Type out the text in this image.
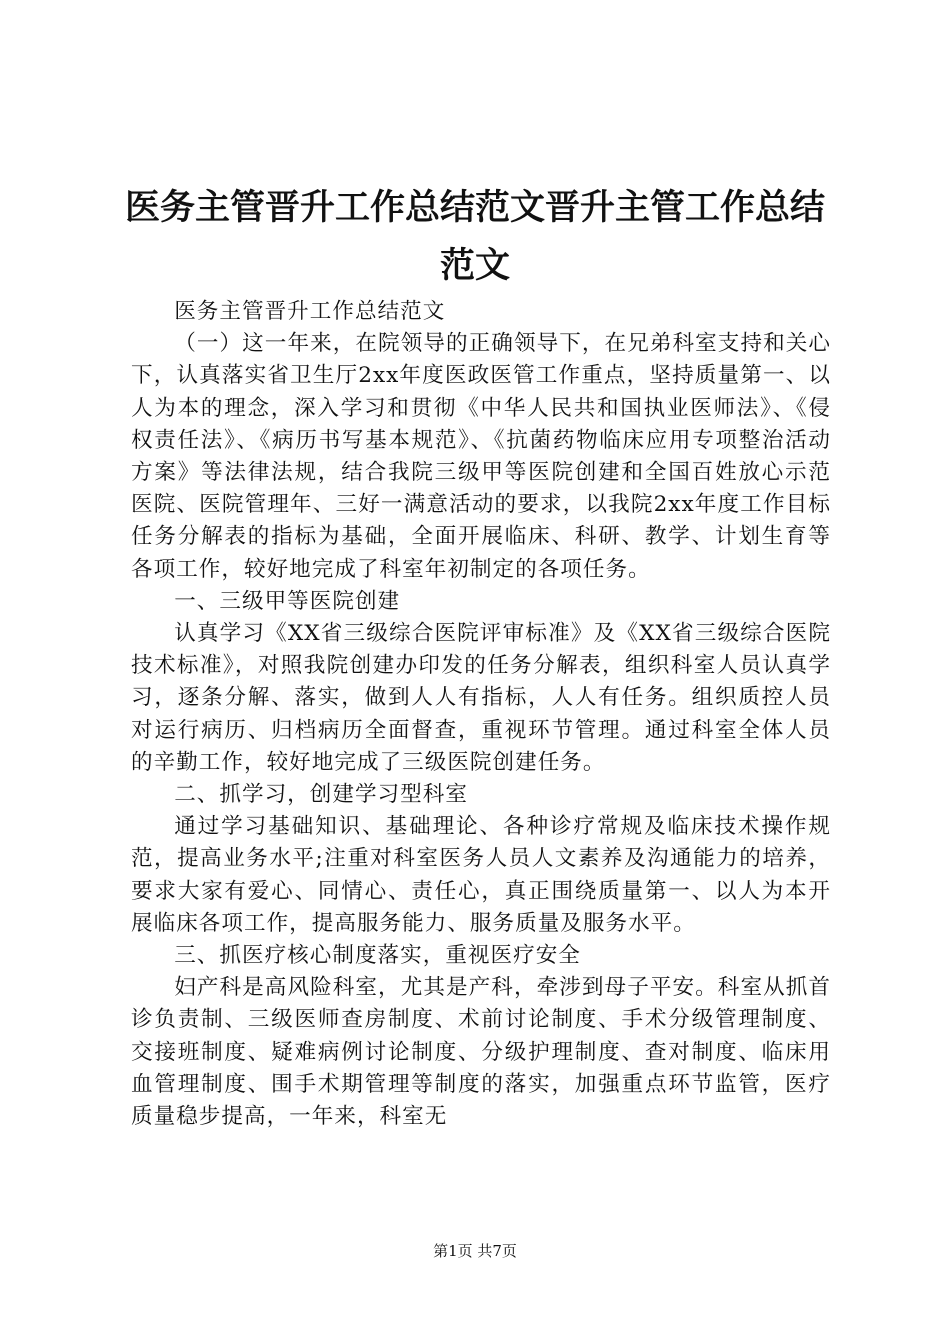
医务主管晋升工作总结范文晋升主管工作总结
范文

医务主管晋升工作总结范文

（一）这一年来，在院领导的正确领导下，在兄弟科室支持和关心下，认真落实省卫生厅2xx年度医政医管工作重点，坚持质量第一、以人为本的理念，深入学习和贯彻《中华人民共和国执业医师法》、《侵权责任法》、《病历书写基本规范》、《抗菌药物临床应用专项整治活动方案》等法律法规，结合我院三级甲等医院创建和全国百姓放心示范医院、医院管理年、三好一满意活动的要求，以我院2xx年度工作目标任务分解表的指标为基础，全面开展临床、科研、教学、计划生育等各项工作，较好地完成了科室年初制定的各项任务。

一、三级甲等医院创建

认真学习《XX省三级综合医院评审标准》及《XX省三级综合医院技术标准》，对照我院创建办印发的任务分解表，组织科室人员认真学习，逐条分解、落实，做到人人有指标，人人有任务。组织质控人员对运行病历、归档病历全面督查，重视环节管理。通过科室全体人员的辛勤工作，较好地完成了三级医院创建任务。

二、抓学习，创建学习型科室

通过学习基础知识、基础理论、各种诊疗常规及临床技术操作规范，提高业务水平;注重对科室医务人员人文素养及沟通能力的培养，要求大家有爱心、同情心、责任心，真正围绕质量第一、以人为本开展临床各项工作，提高服务能力、服务质量及服务水平。

三、抓医疗核心制度落实，重视医疗安全

妇产科是高风险科室，尤其是产科，牵涉到母子平安。科室从抓首诊负责制、三级医师查房制度、术前讨论制度、手术分级管理制度、交接班制度、疑难病例讨论制度、分级护理制度、查对制度、临床用血管理制度、围手术期管理等制度的落实，加强重点环节监管，医疗质量稳步提高，一年来，科室无

第1页 共7页
